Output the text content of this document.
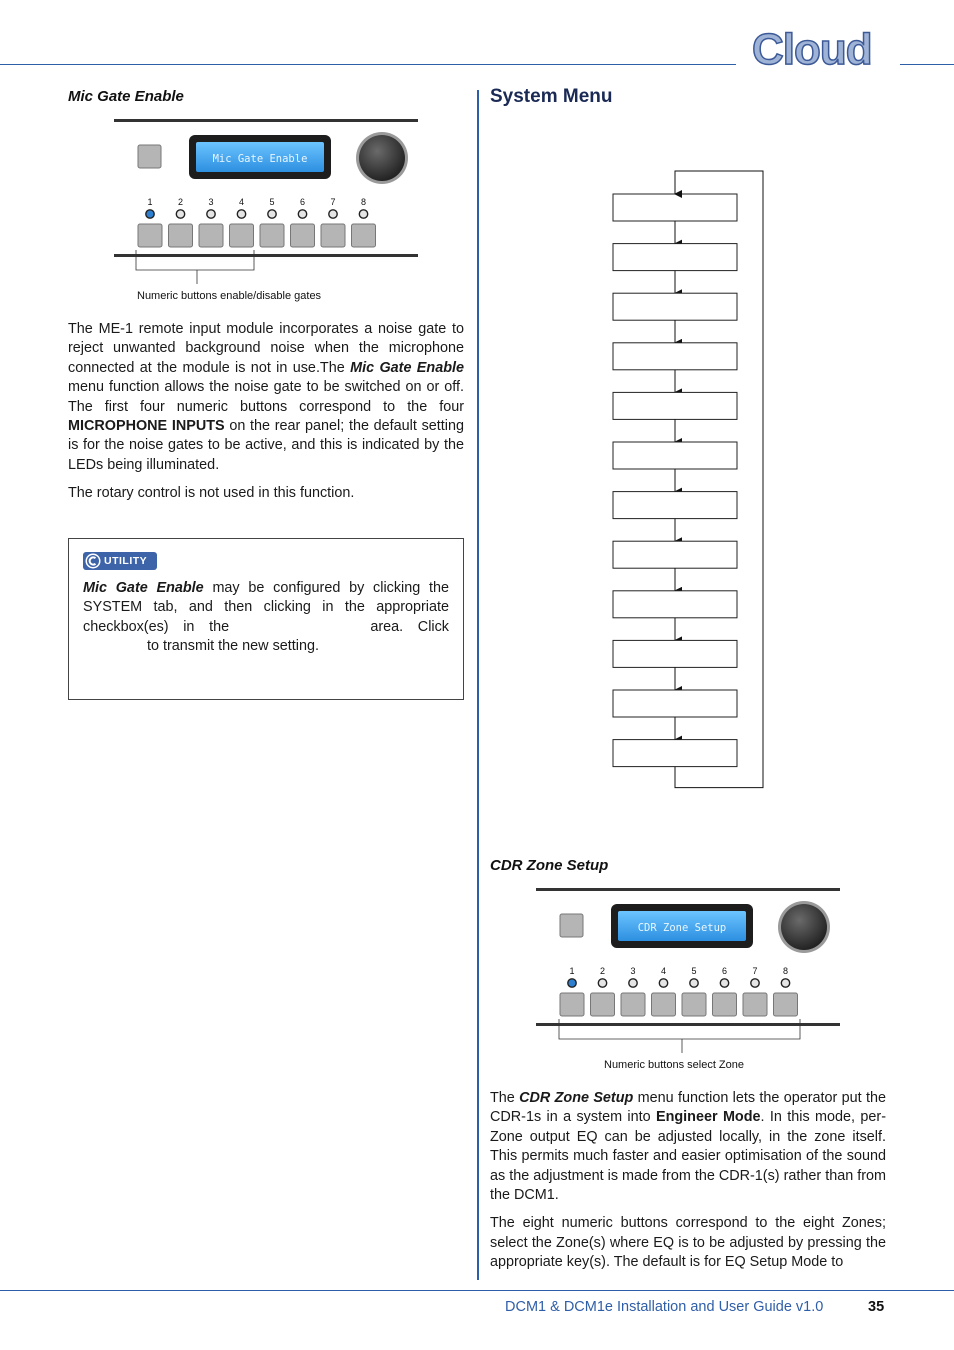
Cloud
Mic Gate Enable
Mic Gate Enable
1	2	3	4	5	6	7	8
Numeric buttons enable/disable gates

The ME-1 remote input module incorporates a noise gate to reject unwanted background noise when the microphone connected at the module is not in use.The Mic Gate Enable menu function allows the noise gate to be switched on or off. The first four numeric buttons correspond to the four MICROPHONE INPUTS on the rear panel; the default setting is for the noise gates to be active, and this is indicated by the LEDs being illuminated.

The rotary control is not used in this function.

UTILITY
Mic Gate Enable may be configured by clicking the SYSTEM tab, and then clicking in the appropriate checkbox(es) in the	area. Click  to transmit the new setting.
System Menu
CDR Zone Setup
CDR Zone Setup
1	2	3	4	5	6	7	8
Numeric buttons select Zone

The CDR Zone Setup menu function lets the operator put the CDR-1s in a system into Engineer Mode. In this mode, per-Zone output EQ can be adjusted locally, in the zone itself. This permits much faster and easier optimisation of the sound as the adjustment is made from the CDR-1(s) rather than from the DCM1.

The eight numeric buttons correspond to the eight Zones; select the Zone(s) where EQ is to be adjusted by pressing the appropriate key(s). The default is for EQ Setup Mode to

DCM1 & DCM1e Installation and User Guide v1.0	35
